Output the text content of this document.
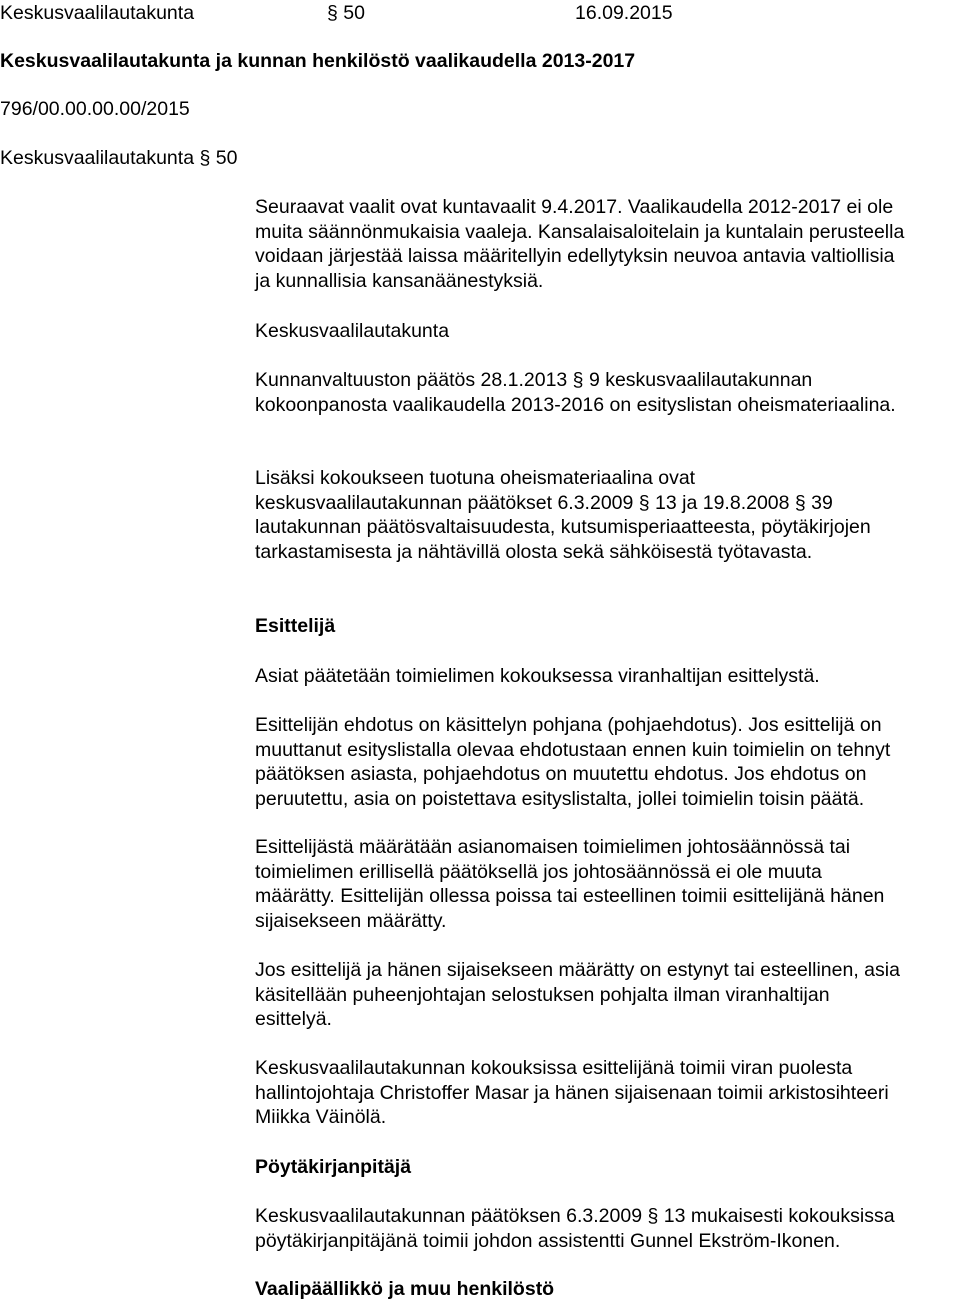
Keskusvaalilautakunta	§ 50	16.09.2015
Keskusvaalilautakunta ja kunnan henkilöstö vaalikaudella 2013-2017
796/00.00.00.00/2015
Keskusvaalilautakunta § 50
Seuraavat vaalit ovat kuntavaalit 9.4.2017. Vaalikaudella 2012-2017 ei ole
muita säännönmukaisia vaaleja. Kansalaisaloitelain ja kuntalain perusteella
voidaan järjestää laissa määritellyin edellytyksin neuvoa antavia valtiollisia
ja kunnallisia kansanäänestyksiä.
Keskusvaalilautakunta
Kunnanvaltuuston päätös 28.1.2013 § 9 keskusvaalilautakunnan
kokoonpanosta vaalikaudella 2013-2016 on esityslistan oheismateriaalina.
Lisäksi kokoukseen tuotuna oheismateriaalina ovat
keskusvaalilautakunnan päätökset 6.3.2009 § 13 ja 19.8.2008 § 39
lautakunnan päätösvaltaisuudesta, kutsumisperiaatteesta, pöytäkirjojen
tarkastamisesta ja nähtävillä olosta sekä sähköisestä työtavasta.
Esittelijä
Asiat päätetään toimielimen kokouksessa viranhaltijan esittelystä.
Esittelijän ehdotus on käsittelyn pohjana (pohjaehdotus). Jos esittelijä on
muuttanut esityslistalla olevaa ehdotustaan ennen kuin toimielin on tehnyt
päätöksen asiasta, pohjaehdotus on muutettu ehdotus. Jos ehdotus on
peruutettu, asia on poistettava esityslistalta, jollei toimielin toisin päätä.
Esittelijästä määrätään asianomaisen toimielimen johtosäännössä tai
toimielimen erillisellä päätöksellä jos johtosäännössä ei ole muuta
määrätty. Esittelijän ollessa poissa tai esteellinen toimii esittelijänä hänen
sijaisekseen määrätty.
Jos esittelijä ja hänen sijaisekseen määrätty on estynyt tai esteellinen, asia
käsitellään puheenjohtajan selostuksen pohjalta ilman viranhaltijan
esittelyä.
Keskusvaalilautakunnan kokouksissa esittelijänä toimii viran puolesta
hallintojohtaja Christoffer Masar ja hänen sijaisenaan toimii arkistosihteeri
Miikka Väinölä.
Pöytäkirjanpitäjä
Keskusvaalilautakunnan päätöksen 6.3.2009 § 13 mukaisesti kokouksissa
pöytäkirjanpitäjänä toimii johdon assistentti Gunnel Ekström-Ikonen.
Vaalipäällikkö ja muu henkilöstö
